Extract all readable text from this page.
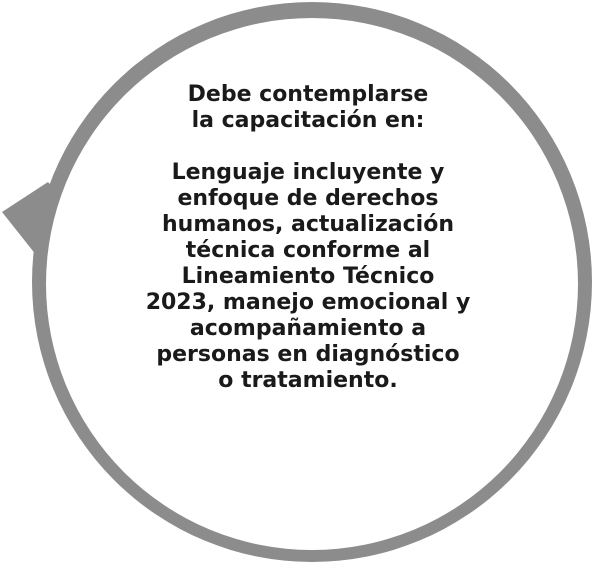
Debe contemplarse
la capacitación en:

Lenguaje incluyente y
enfoque de derechos
humanos, actualización
técnica conforme al
Lineamiento Técnico
2023, manejo emocional y
acompañamiento a
personas en diagnóstico
o tratamiento.
